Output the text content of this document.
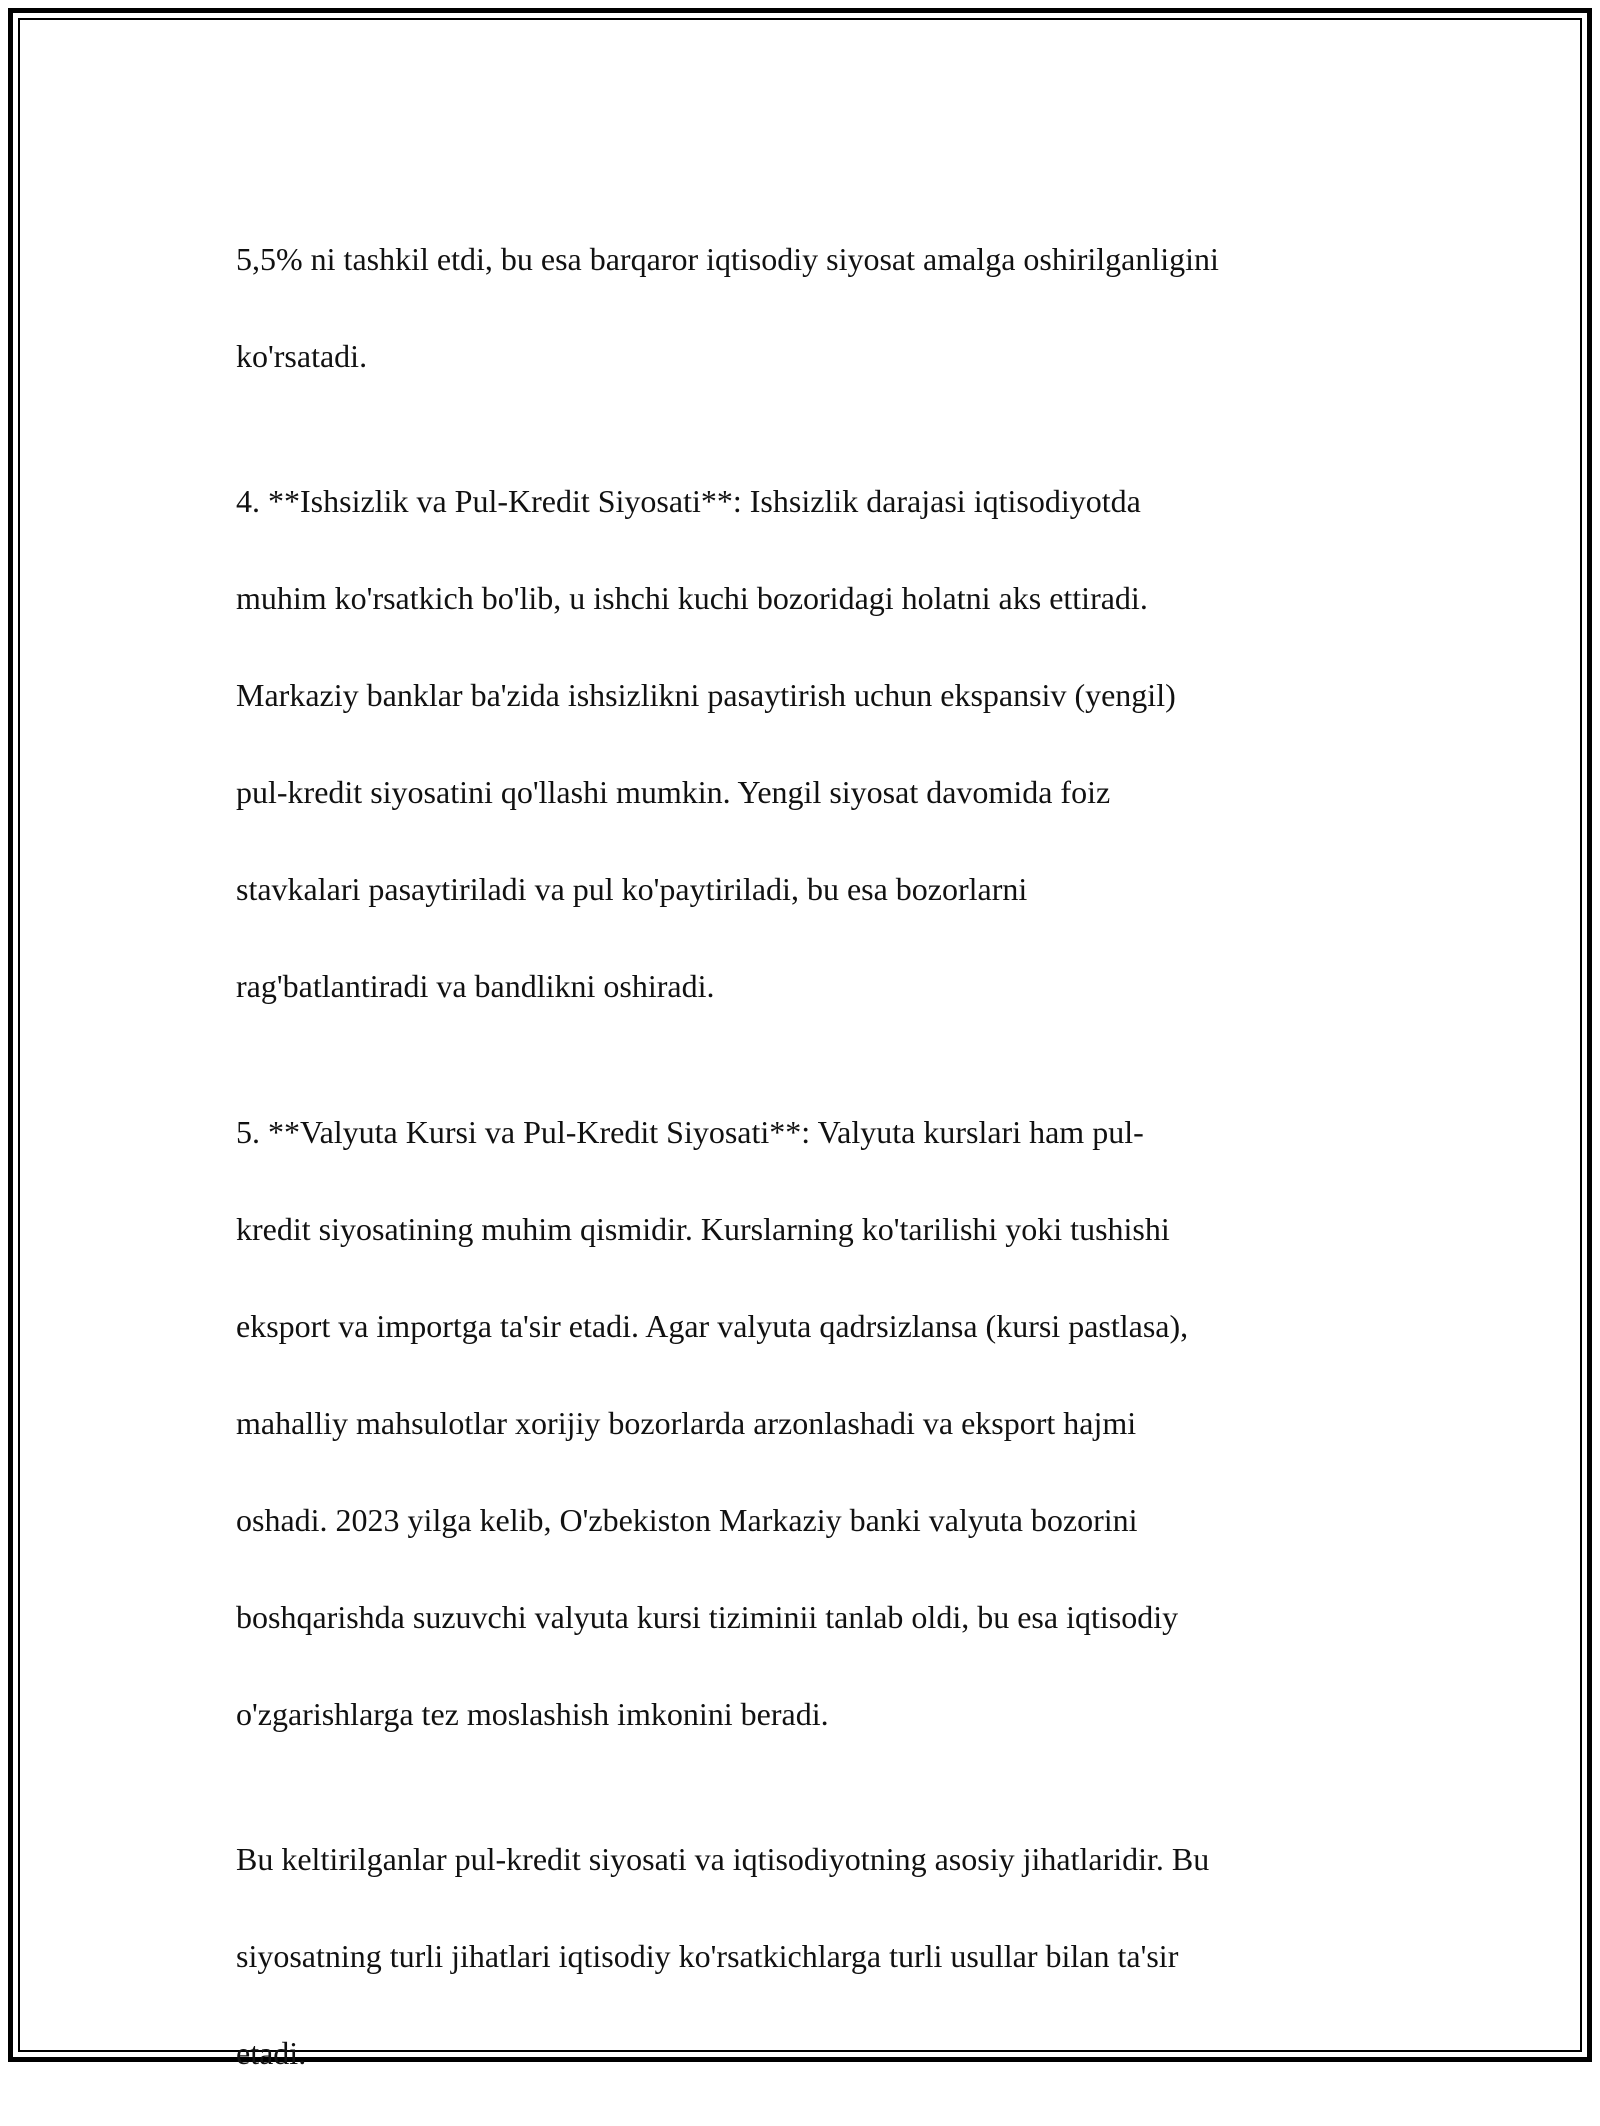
5,5% ni tashkil etdi, bu esa barqaror iqtisodiy siyosat amalga oshirilganligini

ko'rsatadi.

4. **Ishsizlik va Pul-Kredit Siyosati**: Ishsizlik darajasi iqtisodiyotda

muhim ko'rsatkich bo'lib, u ishchi kuchi bozoridagi holatni aks ettiradi.

Markaziy banklar ba'zida ishsizlikni pasaytirish uchun ekspansiv (yengil)

pul-kredit siyosatini qo'llashi mumkin. Yengil siyosat davomida foiz

stavkalari pasaytiriladi va pul ko'paytiriladi, bu esa bozorlarni

rag'batlantiradi va bandlikni oshiradi.

5. **Valyuta Kursi va Pul-Kredit Siyosati**: Valyuta kurslari ham pul-

kredit siyosatining muhim qismidir. Kurslarning ko'tarilishi yoki tushishi

eksport va importga ta'sir etadi. Agar valyuta qadrsizlansa (kursi pastlasa),

mahalliy mahsulotlar xorijiy bozorlarda arzonlashadi va eksport hajmi

oshadi. 2023 yilga kelib, O'zbekiston Markaziy banki valyuta bozorini

boshqarishda suzuvchi valyuta kursi tiziminii tanlab oldi, bu esa iqtisodiy

o'zgarishlarga tez moslashish imkonini beradi.

Bu keltirilganlar pul-kredit siyosati va iqtisodiyotning asosiy jihatlaridir. Bu

siyosatning turli jihatlari iqtisodiy ko'rsatkichlarga turli usullar bilan ta'sir

etadi.
